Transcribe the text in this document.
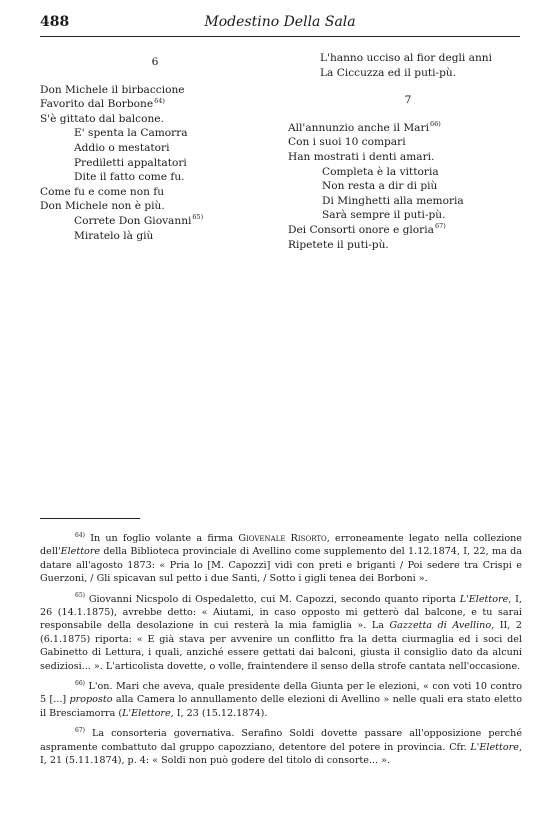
488	Modestino Della Sala
6
Don Michele il birbaccione
Favorito dal Borbone$^{64)}$
S'è gittato dal balcone.
E' spenta la Camorra
Addio o mestatori
Prediletti appaltatori
Dite il fatto come fu.
Come fu e come non fu
Don Michele non è più.
Correte Don Giovanni$^{65)}$
Miratelo là giù
L'hanno ucciso al fior degli anni
La Ciccuzza ed il puti-pù.
7
All'annunzio anche il Mari$^{66)}$
Con i suoi 10 compari
Han mostrati i denti amari.
Completa è la vittoria
Non resta a dir di più
Di Minghetti alla memoria
Sarà sempre il puti-pù.
Dei Consorti onore e gloria$^{67)}$
Ripetete il puti-pù.

$^{64)}$ In un foglio volante a firma Giovenale Risorto, erroneamente legato nella collezione dell'Elettore della Biblioteca provinciale di Avellino come supplemento del 1.12.1874, I, 22, ma da datare all'agosto 1873: « Pria lo [M. Capozzi] vidi con preti e briganti / Poi sedere tra Crispi e Guerzoni, / Gli spicavan sul petto i due Santi, / Sotto i gigli tenea dei Borboni ».

$^{65)}$ Giovanni Nicspolo di Ospedaletto, cui M. Capozzi, secondo quanto riporta L'Elettore, I, 26 (14.1.1875), avrebbe detto: « Aiutami, in caso opposto mi getterò dal balcone, e tu sarai responsabile della desolazione in cui resterà la mia famiglia ». La Gazzetta di Avellino, II, 2 (6.1.1875) riporta: « E già stava per avvenire un conflitto fra la detta ciurmaglia ed i soci del Gabinetto di Lettura, i quali, anziché essere gettati dai balconi, giusta il consiglio dato da alcuni sediziosi... ». L'articolista dovette, o volle, fraintendere il senso della strofe cantata nell'occasione.

$^{66)}$ L'on. Mari che aveva, quale presidente della Giunta per le elezioni, « con voti 10 contro 5 [...] proposto alla Camera lo annullamento delle elezioni di Avellino » nelle quali era stato eletto il Bresciamorra (L'Elettore, I, 23 (15.12.1874).

$^{67)}$ La consorteria governativa. Serafino Soldi dovette passare all'opposizione perché aspramente combattuto dal gruppo capozziano, detentore del potere in provincia. Cfr. L'Elettore, I, 21 (5.11.1874), p. 4: « Soldi non può godere del titolo di consorte... ».
